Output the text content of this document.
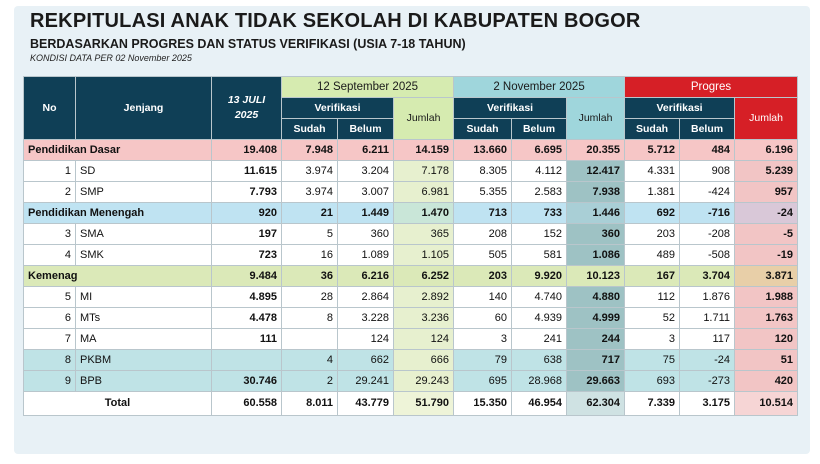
REKPITULASI ANAK TIDAK SEKOLAH DI KABUPATEN BOGOR
BERDASARKAN PROGRES DAN STATUS VERIFIKASI (USIA 7-18 TAHUN)
KONDISI DATA PER 02 November 2025
No	Jenjang	13 JULI
2025	12 September 2025			2 November 2025			Progres		
			Verifikasi		Jumlah	Verifikasi		Jumlah	Verifikasi		Jumlah
			Sudah	Belum		Sudah	Belum		Sudah	Belum	
Pendidikan Dasar		19.408	7.948	6.211	14.159	13.660	6.695	20.355	5.712	484	6.196
1	SD	11.615	3.974	3.204	7.178	8.305	4.112	12.417	4.331	908	5.239
2	SMP	7.793	3.974	3.007	6.981	5.355	2.583	7.938	1.381	-424	957
Pendidikan Menengah		920	21	1.449	1.470	713	733	1.446	692	-716	-24
3	SMA	197	5	360	365	208	152	360	203	-208	-5
4	SMK	723	16	1.089	1.105	505	581	1.086	489	-508	-19
Kemenag		9.484	36	6.216	6.252	203	9.920	10.123	167	3.704	3.871
5	MI	4.895	28	2.864	2.892	140	4.740	4.880	112	1.876	1.988
6	MTs	4.478	8	3.228	3.236	60	4.939	4.999	52	1.711	1.763
7	MA	111		124	124	3	241	244	3	117	120
8	PKBM		4	662	666	79	638	717	75	-24	51
9	BPB	30.746	2	29.241	29.243	695	28.968	29.663	693	-273	420
Total		60.558	8.011	43.779	51.790	15.350	46.954	62.304	7.339	3.175	10.514
